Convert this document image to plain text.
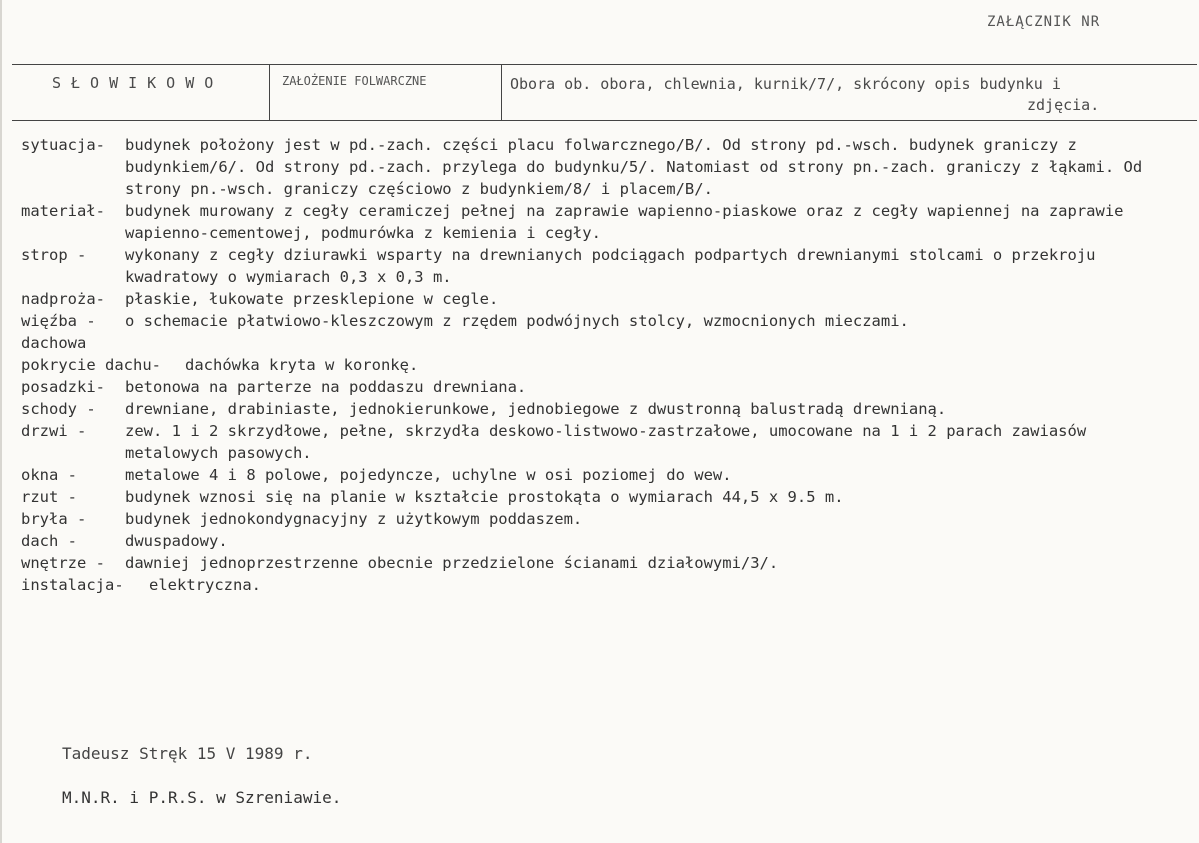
ZAŁĄCZNIK NR
SŁOWIKOWO	ZAŁOŻENIE FOLWARCZNE	Obora ob. obora, chlewnia, kurnik/7/, skrócony opis budynku i
zdjęcia.
sytuacja- budynek położony jest w pd.-zach. części placu folwarcznego/B/. Od strony pd.-wsch. budynek graniczy z budynkiem/6/. Od strony pd.-zach. przylega do budynku/5/. Natomiast od strony pn.-zach. graniczy z łąkami. Od strony pn.-wsch. graniczy częściowo z budynkiem/8/ i placem/B/.
materiał- budynek murowany z cegły ceramiczej pełnej na zaprawie wapienno-piaskowe oraz z cegły wapiennej na zaprawie wapienno-cementowej, podmurówka z kemienia i cegły.
strop - wykonany z cegły dziurawki wsparty na drewnianych podciągach podpartych drewnianymi stolcami o przekroju kwadratowy o wymiarach 0,3 x 0,3 m.
nadproża- płaskie, łukowate przesklepione w cegle.
więźba - o schemacie płatwiowo-kleszczowym z rzędem podwójnych stolcy, wzmocnionych mieczami.
dachowa

pokrycie dachu- dachówka kryta w koronkę.
posadzki- betonowa na parterze na poddaszu drewniana.
schody - drewniane, drabiniaste, jednokierunkowe, jednobiegowe z dwustronną balustradą drewnianą.
drzwi - zew. 1 i 2 skrzydłowe, pełne, skrzydła deskowo-listwowo-zastrzałowe, umocowane na 1 i 2 parach zawiasów metalowych pasowych.
okna -	metalowe 4 i 8 polowe, pojedyncze, uchylne w osi poziomej do wew.
rzut -	budynek wznosi się na planie w kształcie prostokąta o wymiarach 44,5 x 9.5 m.
bryła - budynek jednokondygnacyjny z użytkowym poddaszem.
dach -	dwuspadowy.
wnętrze - dawniej jednoprzestrzenne obecnie przedzielone ścianami działowymi/3/.
instalacja- elektryczna.
Tadeusz Stręk 15 V 1989 r.
M.N.R. i P.R.S. w Szreniawie.
